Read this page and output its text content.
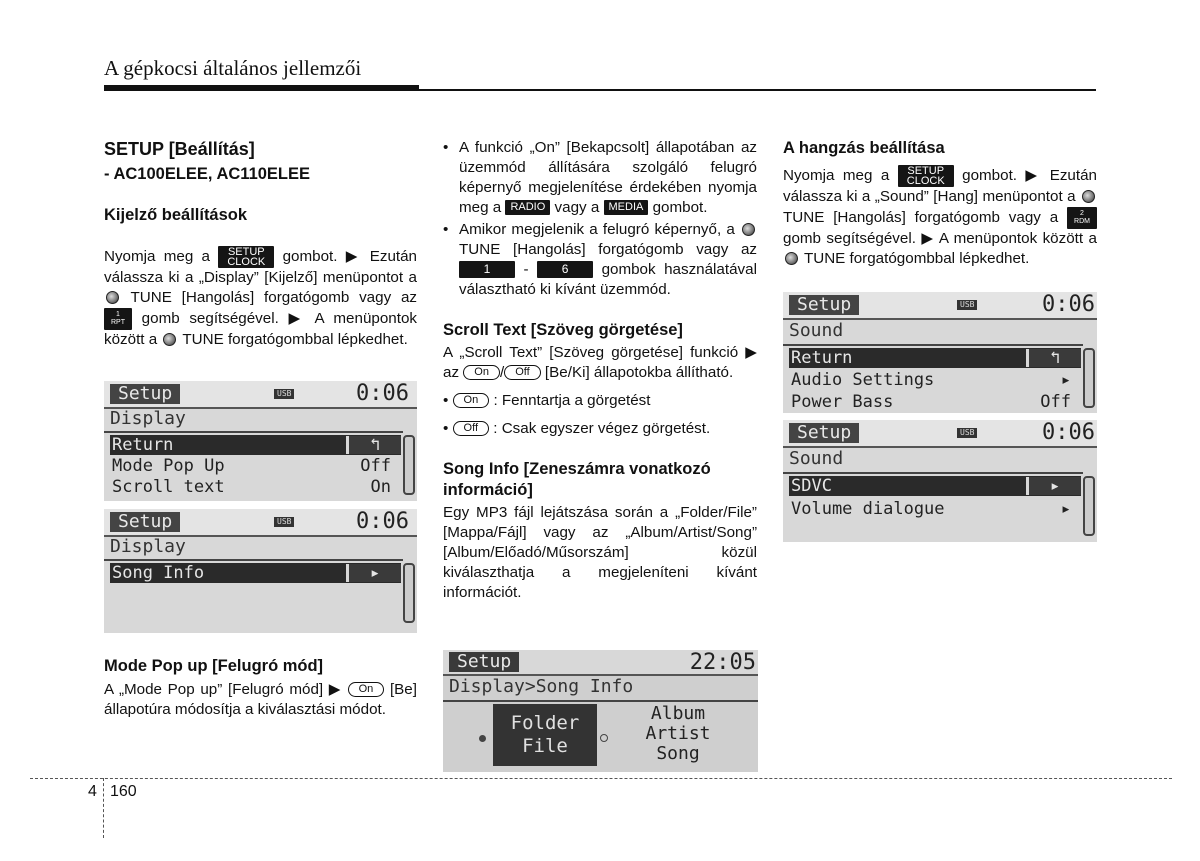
A gépkocsi általános jellemzői
SETUP [Beállítás]
- AC100ELEE, AC110ELEE
Kijelző beállítások

Nyomja meg a SETUP
CLOCK gombot. ▶ Ezután válassza ki a „Display” [Kijelző] menüpontot a  TUNE [Hangolás] forgatógomb vagy az 1
RPT gomb segítségével. ▶ A menüpontok között a TUNE forgatógombbal lépkedhet.

Setup	USB	0:06
Display
Return	↰
Mode Pop Up	Off
Scroll text	On
Setup	USB	0:06
Display
Song Info	▸
Mode Pop up [Felugró mód]

A „Mode Pop up” [Felugró mód] ▶ On [Be] állapotúra módosítja a kiválasztási módot.

• A funkció „On” [Bekapcsolt] állapotában az üzemmód állítására szolgáló felugró képernyő megjelenítése érdekében nyomja meg a RADIO vagy a MEDIA gombot.
• Amikor megjelenik a felugró képernyő, a  TUNE [Hangolás] forgatógomb vagy az 1 -	6 gombok használatával választható ki kívánt üzemmód.
Scroll Text [Szöveg görgetése]

A „Scroll Text” [Szöveg görgetése] funkció ▶ az On / Off [Be/Ki] állapotokba állítható.

• On : Fenntartja a görgetést

• Off : Csak egyszer végez görgetést.

Song Info [Zeneszámra vonatkozó információ]

Egy MP3 fájl lejátszása során a „Folder/File” [Mappa/Fájl] vagy az „Album/Artist/Song” [Album/Előadó/Műsorszám] közül kiválaszthatja a megjeleníteni kívánt információt.

Setup	22:05
Display>Song Info
Folder
File
Album
Artist
Song
A hangzás beállítása

Nyomja meg a SETUP
CLOCK gombot. ▶ Ezután válassza ki a „Sound” [Hang] menüpontot a  TUNE [Hangolás] forgatógomb vagy a	2
RDM gomb segítségével. ▶ A menüpontok között a  TUNE forgatógombbal lépkedhet.

Setup	USB	0:06
Sound
Return	↰
Audio Settings	▸
Power Bass	Off
Setup	USB	0:06
Sound
SDVC	▸
Volume dialogue	▸
4 160
